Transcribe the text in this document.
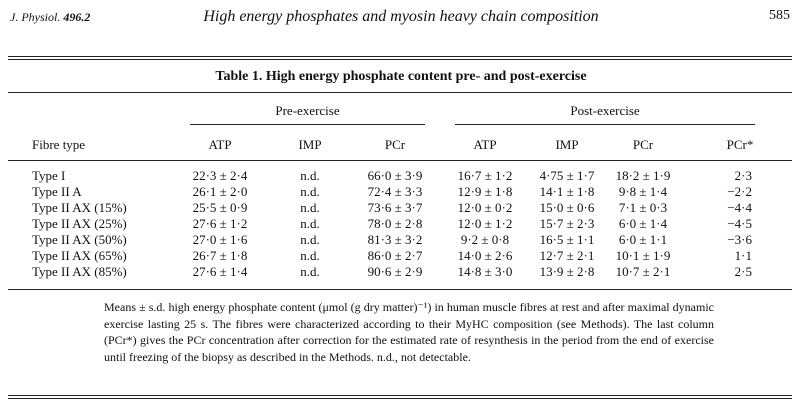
J. Physiol. 496.2	High energy phosphates and myosin heavy chain composition	585
Table 1. High energy phosphate content pre- and post-exercise
Pre-exercise	Post-exercise
Fibre type	ATP	IMP	PCr	ATP	IMP	PCr	PCr*
Type I	22·3 ± 2·4	n.d.	66·0 ± 3·9	16·7 ± 1·2	4·75 ± 1·7	18·2 ± 1·9	2·3
Type II A	26·1 ± 2·0	n.d.	72·4 ± 3·3	12·9 ± 1·8	14·1 ± 1·8	9·8 ± 1·4	−2·2
Type II AX (15%)	25·5 ± 0·9	n.d.	73·6 ± 3·7	12·0 ± 0·2	15·0 ± 0·6	7·1 ± 0·3	−4·4
Type II AX (25%)	27·6 ± 1·2	n.d.	78·0 ± 2·8	12·0 ± 1·2	15·7 ± 2·3	6·0 ± 1·4	−4·5
Type II AX (50%)	27·0 ± 1·6	n.d.	81·3 ± 3·2	9·2 ± 0·8	16·5 ± 1·1	6·0 ± 1·1	−3·6
Type II AX (65%)	26·7 ± 1·8	n.d.	86·0 ± 2·7	14·0 ± 2·6	12·7 ± 2·1	10·1 ± 1·9	1·1
Type II AX (85%)	27·6 ± 1·4	n.d.	90·6 ± 2·9	14·8 ± 3·0	13·9 ± 2·8	10·7 ± 2·1	2·5
Means ± s.d. high energy phosphate content (μmol (g dry matter)⁻¹) in human muscle fibres at rest and after maximal dynamic exercise lasting 25 s. The fibres were characterized according to their MyHC composition (see Methods). The last column (PCr*) gives the PCr concentration after correction for the estimated rate of resynthesis in the period from the end of exercise until freezing of the biopsy as described in the Methods. n.d., not detectable.
